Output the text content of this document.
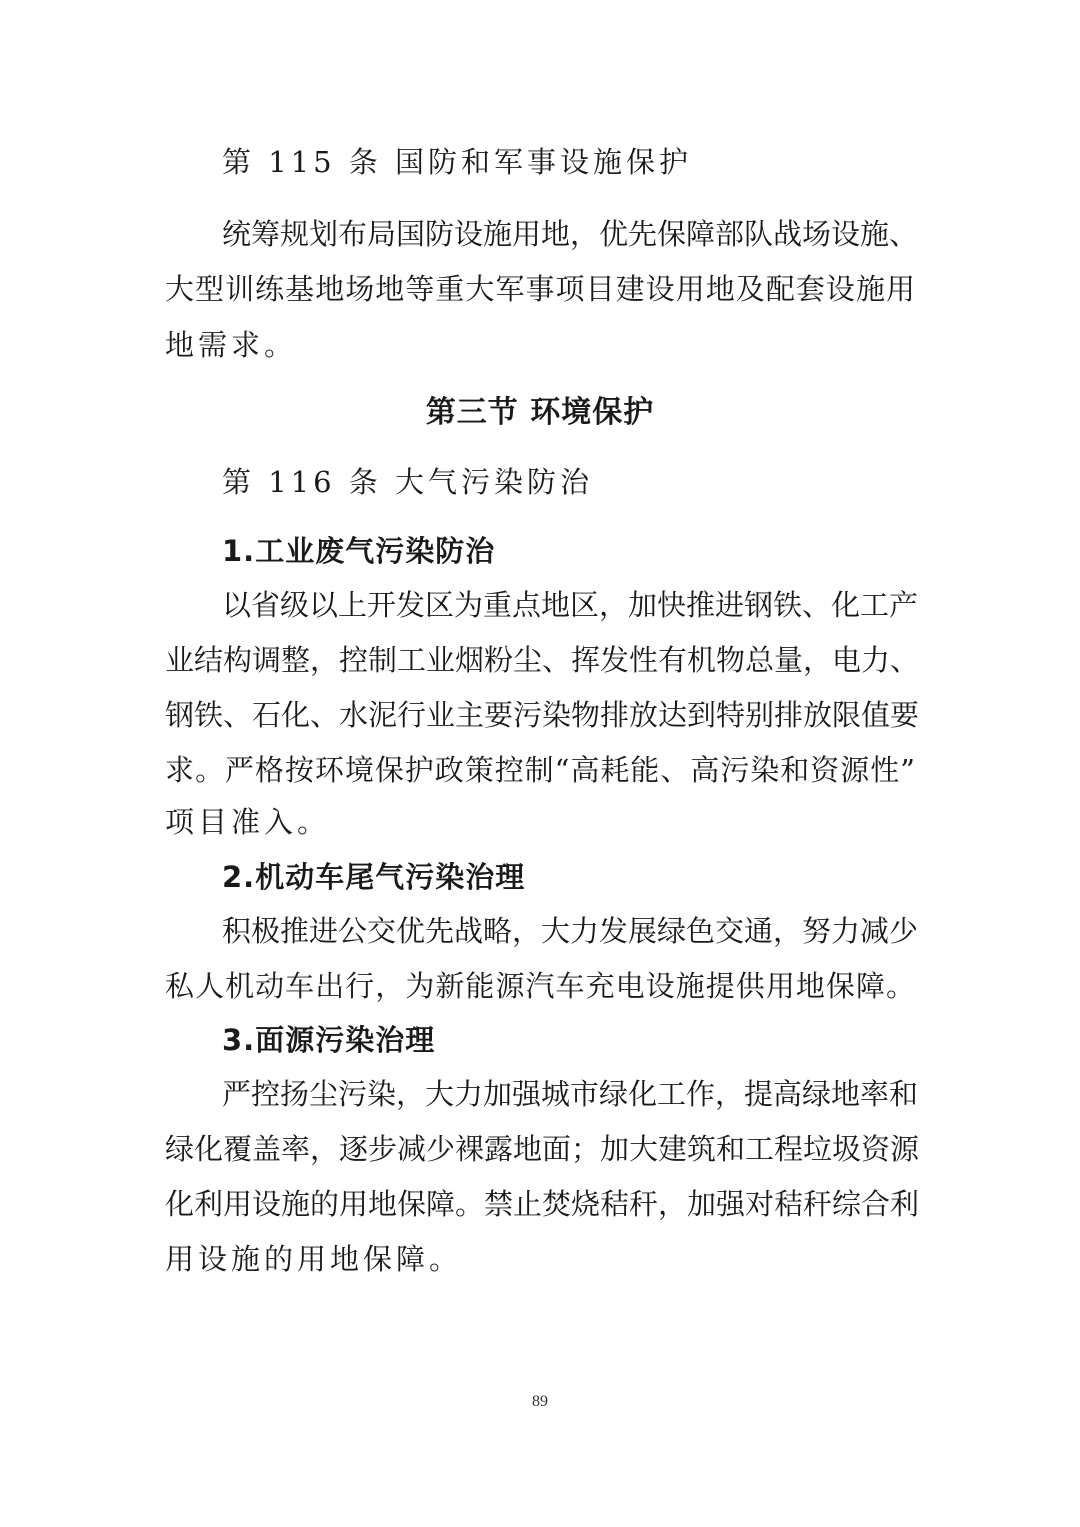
第 115 条 国防和军事设施保护
统筹规划布局国防设施用地，优先保障部队战场设施、
大型训练基地场地等重大军事项目建设用地及配套设施用
地需求。
第三节 环境保护
第 116 条 大气污染防治
1.工业废气污染防治
以省级以上开发区为重点地区，加快推进钢铁、化工产
业结构调整，控制工业烟粉尘、挥发性有机物总量，电力、
钢铁、石化、水泥行业主要污染物排放达到特别排放限值要
求。严格按环境保护政策控制“高耗能、高污染和资源性”
项目准入。
2.机动车尾气污染治理
积极推进公交优先战略，大力发展绿色交通，努力减少
私人机动车出行，为新能源汽车充电设施提供用地保障。
3.面源污染治理
严控扬尘污染，大力加强城市绿化工作，提高绿地率和
绿化覆盖率，逐步减少裸露地面；加大建筑和工程垃圾资源
化利用设施的用地保障。禁止焚烧秸秆，加强对秸秆综合利
用设施的用地保障。
89
